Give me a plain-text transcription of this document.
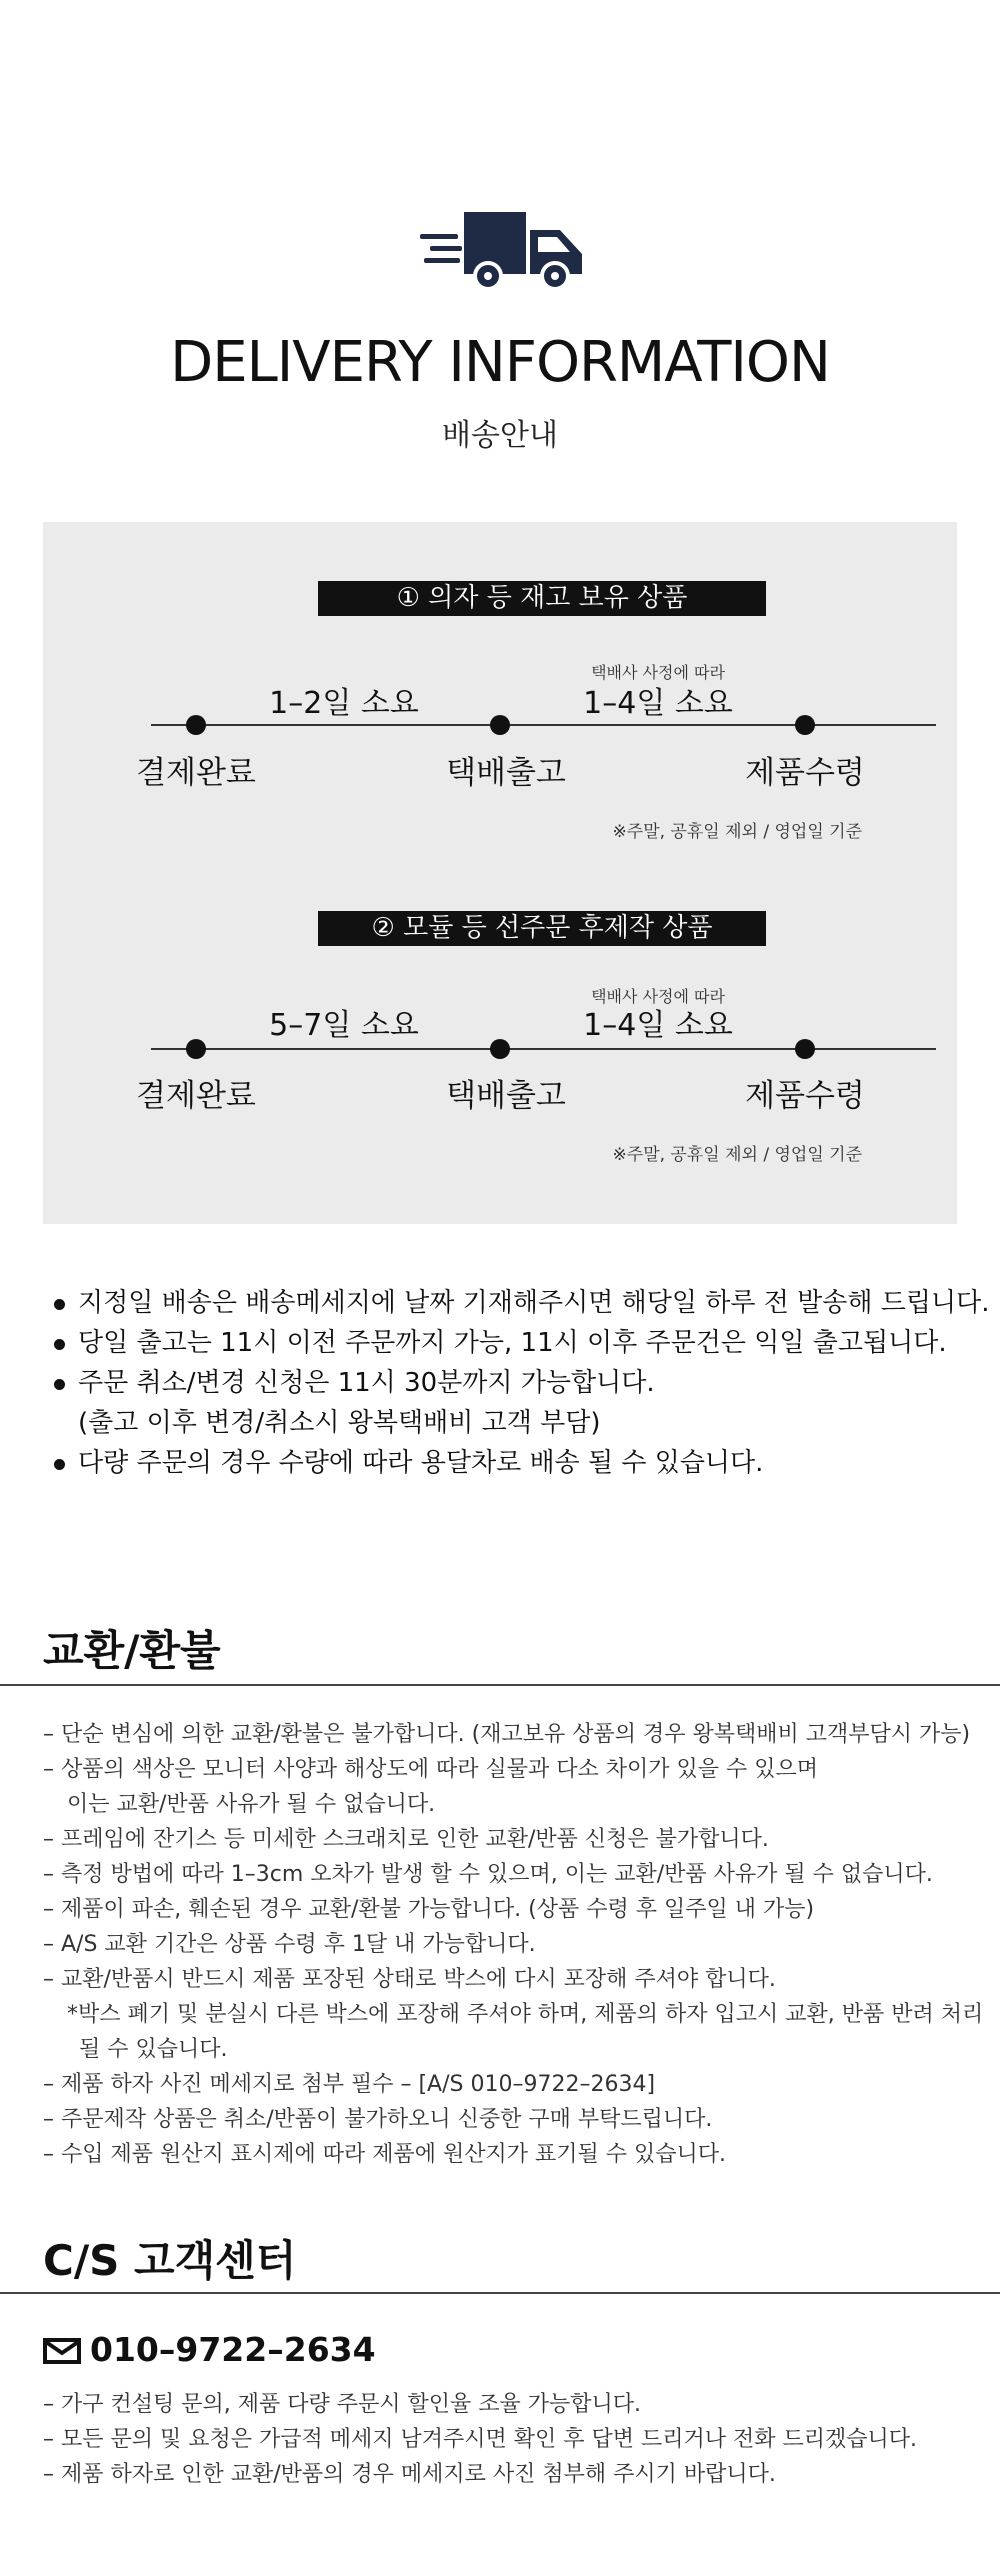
DELIVERY INFORMATION
배송안내
① 의자 등 재고 보유 상품
1–2일 소요
택배사 사정에 따라
1–4일 소요
결제완료	택배출고	제품수령
※주말, 공휴일 제외 / 영업일 기준
② 모듈 등 선주문 후제작 상품
5–7일 소요
택배사 사정에 따라
1–4일 소요
결제완료	택배출고	제품수령
※주말, 공휴일 제외 / 영업일 기준
지정일 배송은 배송메세지에 날짜 기재해주시면 해당일 하루 전 발송해 드립니다.
당일 출고는 11시 이전 주문까지 가능, 11시 이후 주문건은 익일 출고됩니다.
주문 취소/변경 신청은 11시 30분까지 가능합니다.
(출고 이후 변경/취소시 왕복택배비 고객 부담)
다량 주문의 경우 수량에 따라 용달차로 배송 될 수 있습니다.
교환/환불
– 단순 변심에 의한 교환/환불은 불가합니다. (재고보유 상품의 경우 왕복택배비 고객부담시 가능)
– 상품의 색상은 모니터 사양과 해상도에 따라 실물과 다소 차이가 있을 수 있으며
이는 교환/반품 사유가 될 수 없습니다.
– 프레임에 잔기스 등 미세한 스크래치로 인한 교환/반품 신청은 불가합니다.
– 측정 방법에 따라 1–3cm 오차가 발생 할 수 있으며, 이는 교환/반품 사유가 될 수 없습니다.
– 제품이 파손, 훼손된 경우 교환/환불 가능합니다. (상품 수령 후 일주일 내 가능)
– A/S 교환 기간은 상품 수령 후 1달 내 가능합니다.
– 교환/반품시 반드시 제품 포장된 상태로 박스에 다시 포장해 주셔야 합니다.
*박스 폐기 및 분실시 다른 박스에 포장해 주셔야 하며, 제품의 하자 입고시 교환, 반품 반려 처리
될 수 있습니다.
– 제품 하자 사진 메세지로 첨부 필수 – [A/S 010–9722–2634]
– 주문제작 상품은 취소/반품이 불가하오니 신중한 구매 부탁드립니다.
– 수입 제품 원산지 표시제에 따라 제품에 원산지가 표기될 수 있습니다.
C/S 고객센터
010–9722–2634
– 가구 컨설팅 문의, 제품 다량 주문시 할인율 조율 가능합니다.
– 모든 문의 및 요청은 가급적 메세지 남겨주시면 확인 후 답변 드리거나 전화 드리겠습니다.
– 제품 하자로 인한 교환/반품의 경우 메세지로 사진 첨부해 주시기 바랍니다.
